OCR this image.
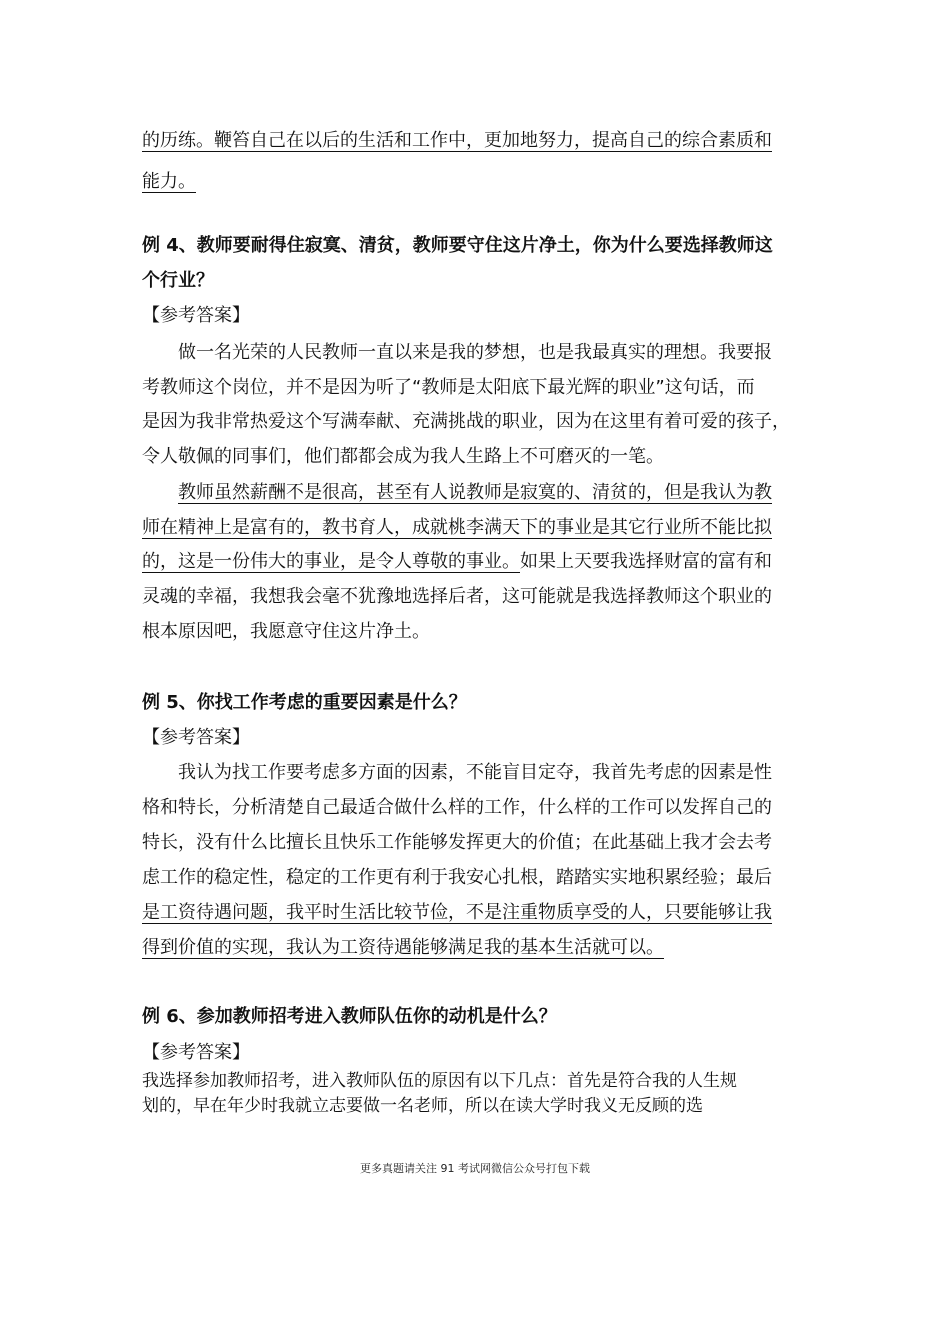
的历练。鞭笞自己在以后的生活和工作中，更加地努力，提高自己的综合素质和
能力。
例 4、教师要耐得住寂寞、清贫，教师要守住这片净土，你为什么要选择教师这
个行业？
【参考答案】
做一名光荣的人民教师一直以来是我的梦想，也是我最真实的理想。我要报
考教师这个岗位，并不是因为听了“教师是太阳底下最光辉的职业”这句话，而
是因为我非常热爱这个写满奉献、充满挑战的职业，因为在这里有着可爱的孩子，
令人敬佩的同事们，他们都都会成为我人生路上不可磨灭的一笔。
教师虽然薪酬不是很高，甚至有人说教师是寂寞的、清贫的，但是我认为教
师在精神上是富有的，教书育人，成就桃李满天下的事业是其它行业所不能比拟
的，这是一份伟大的事业，是令人尊敬的事业。如果上天要我选择财富的富有和
灵魂的幸福，我想我会毫不犹豫地选择后者，这可能就是我选择教师这个职业的
根本原因吧，我愿意守住这片净土。
例 5、你找工作考虑的重要因素是什么？
【参考答案】
我认为找工作要考虑多方面的因素，不能盲目定夺，我首先考虑的因素是性
格和特长，分析清楚自己最适合做什么样的工作，什么样的工作可以发挥自己的
特长，没有什么比擅长且快乐工作能够发挥更大的价值；在此基础上我才会去考
虑工作的稳定性，稳定的工作更有利于我安心扎根，踏踏实实地积累经验；最后
是工资待遇问题，我平时生活比较节俭，不是注重物质享受的人，只要能够让我
得到价值的实现，我认为工资待遇能够满足我的基本生活就可以。
例 6、参加教师招考进入教师队伍你的动机是什么？
【参考答案】
我选择参加教师招考，进入教师队伍的原因有以下几点：首先是符合我的人生规
划的，早在年少时我就立志要做一名老师，所以在读大学时我义无反顾的选
更多真题请关注 91 考试网微信公众号打包下载
